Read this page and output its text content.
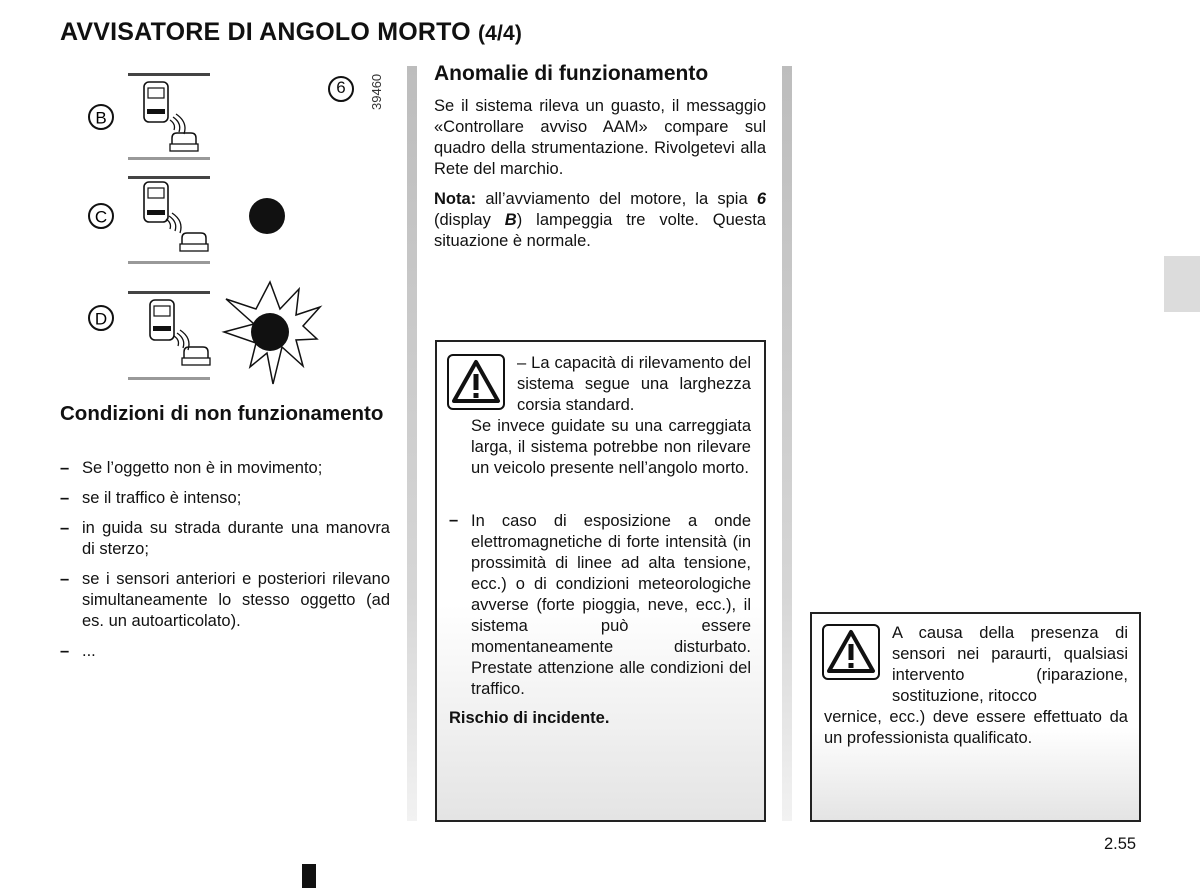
AVVISATORE DI ANGOLO MORTO (4/4)
B
C
D
6 39460
Condizioni di non funzionamento
– Se l’oggetto non è in movimento;
– se il traffico è intenso;
– in guida su strada durante una manovra di sterzo;
– se i sensori anteriori e posteriori rilevano simultaneamente lo stesso oggetto (ad es. un autoarticolato).
– ...
Anomalie di funzionamento

Se il sistema rileva un guasto, il messaggio «Controllare avviso AAM» compare sul quadro della strumentazione. Rivolgetevi alla Rete del marchio.

Nota: all’avviamento del motore, la spia 6 (display B) lampeggia tre volte. Questa situazione è normale.

– La capacità di rilevamento del sistema segue una larghezza corsia standard.
Se invece guidate su una carreggiata larga, il sistema potrebbe non rilevare un veicolo presente nell’angolo morto.
– In caso di esposizione a onde elettromagnetiche di forte intensità (in prossimità di linee ad alta tensione, ecc.) o di condizioni meteorologiche avverse (forte pioggia, neve, ecc.), il sistema può essere momentaneamente disturbato. Prestate attenzione alle condizioni del traffico.
Rischio di incidente.
A causa della presenza di sensori nei paraurti, qualsiasi intervento (riparazione, sostituzione, ritocco
vernice, ecc.) deve essere effettuato da un professionista qualificato.
2.55
